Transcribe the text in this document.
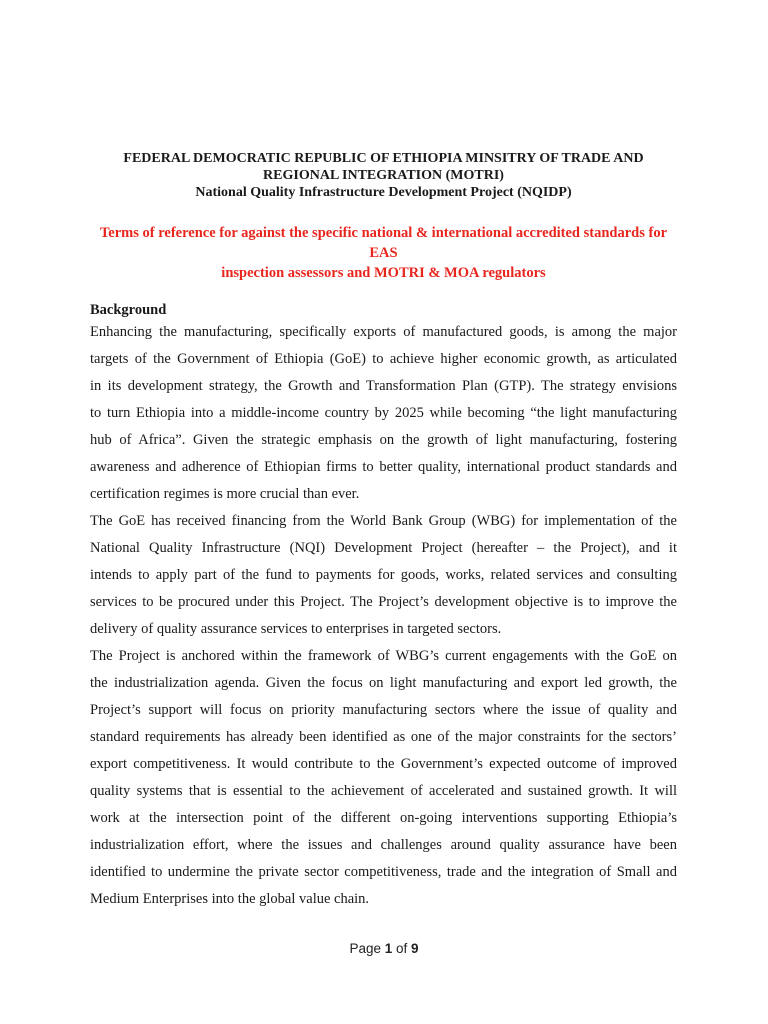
FEDERAL DEMOCRATIC REPUBLIC OF ETHIOPIA MINSITRY OF TRADE AND
REGIONAL INTEGRATION (MOTRI)
National Quality Infrastructure Development Project (NQIDP)
Terms of reference for against the specific national & international accredited standards for EAS
inspection assessors and MOTRI & MOA regulators
Background

Enhancing the manufacturing, specifically exports of manufactured goods, is among the major
targets of the Government of Ethiopia (GoE) to achieve higher economic growth, as articulated
in its development strategy, the Growth and Transformation Plan (GTP). The strategy envisions
to turn Ethiopia into a middle-income country by 2025 while becoming “the light manufacturing
hub of Africa”. Given the strategic emphasis on the growth of light manufacturing, fostering
awareness and adherence of Ethiopian firms to better quality, international product standards and
certification regimes is more crucial than ever.

The GoE has received financing from the World Bank Group (WBG) for implementation of the
National Quality Infrastructure (NQI) Development Project (hereafter – the Project), and it
intends to apply part of the fund to payments for goods, works, related services and consulting
services to be procured under this Project. The Project’s development objective is to improve the
delivery of quality assurance services to enterprises in targeted sectors.

The Project is anchored within the framework of WBG’s current engagements with the GoE on
the industrialization agenda. Given the focus on light manufacturing and export led growth, the
Project’s support will focus on priority manufacturing sectors where the issue of quality and
standard requirements has already been identified as one of the major constraints for the sectors’
export competitiveness. It would contribute to the Government’s expected outcome of improved
quality systems that is essential to the achievement of accelerated and sustained growth. It will
work at the intersection point of the different on-going interventions supporting Ethiopia’s
industrialization effort, where the issues and challenges around quality assurance have been
identified to undermine the private sector competitiveness, trade and the integration of Small and
Medium Enterprises into the global value chain.

Page 1 of 9
